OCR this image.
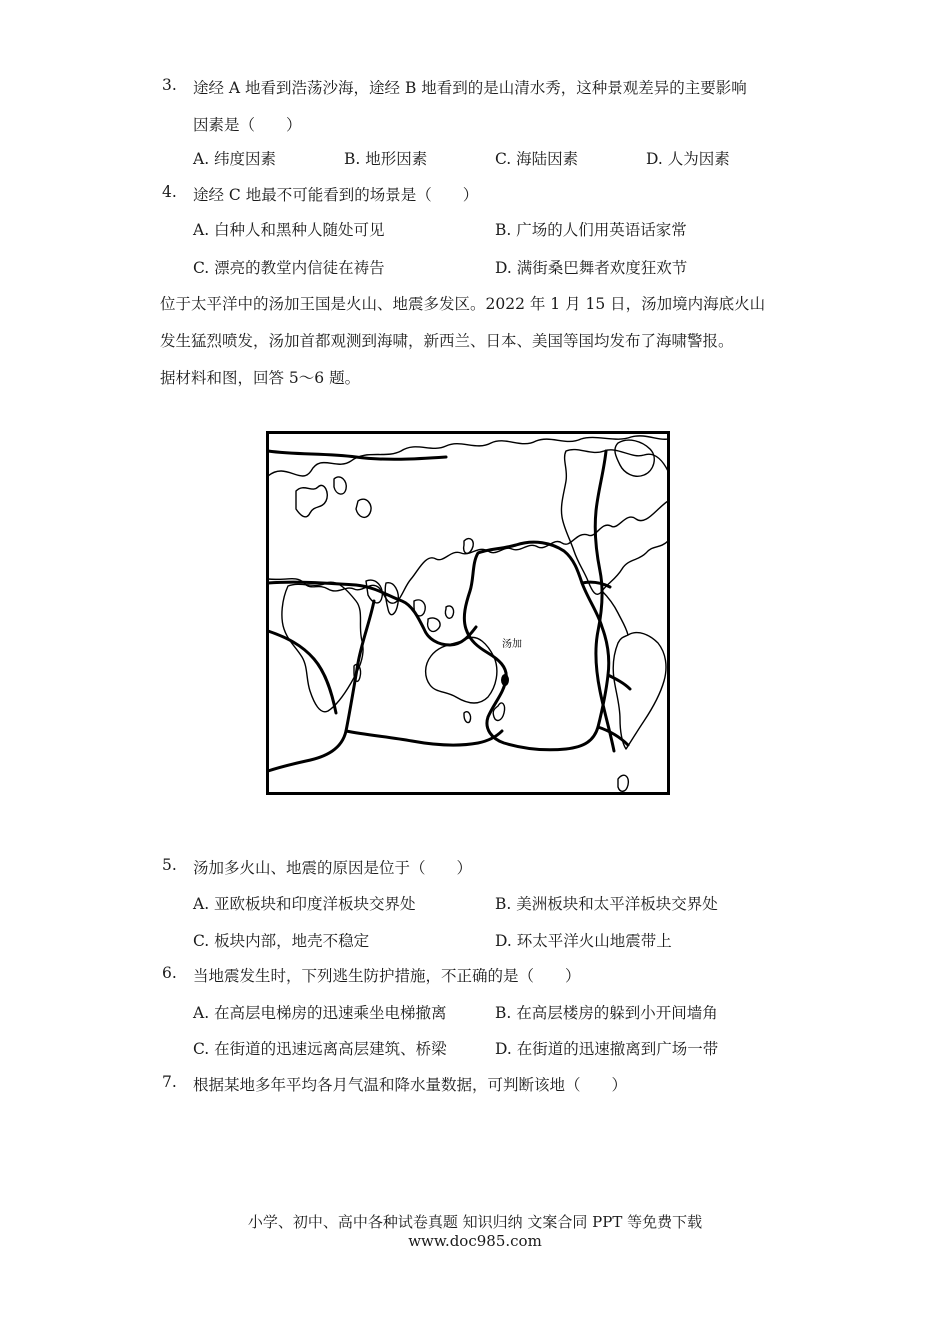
3. 途经 A 地看到浩荡沙海，途经 B 地看到的是山清水秀，这种景观差异的主要影响
因素是（　　）
A. 纬度因素	B. 地形因素	C. 海陆因素	D. 人为因素
4. 途经 C 地最不可能看到的场景是（　　）
A. 白种人和黑种人随处可见	B. 广场的人们用英语话家常
C. 漂亮的教堂内信徒在祷告	D. 满街桑巴舞者欢度狂欢节
位于太平洋中的汤加王国是火山、地震多发区。2022 年 1 月 15 日，汤加境内海底火山
发生猛烈喷发，汤加首都观测到海啸，新西兰、日本、美国等国均发布了海啸警报。
据材料和图，回答 5～6 题。
汤加
5. 汤加多火山、地震的原因是位于（　　）
A. 亚欧板块和印度洋板块交界处	B. 美洲板块和太平洋板块交界处
C. 板块内部，地壳不稳定	D. 环太平洋火山地震带上
6. 当地震发生时，下列逃生防护措施，不正确的是（　　）
A. 在高层电梯房的迅速乘坐电梯撤离	B. 在高层楼房的躲到小开间墙角
C. 在街道的迅速远离高层建筑、桥梁	D. 在街道的迅速撤离到广场一带
7. 根据某地多年平均各月气温和降水量数据，可判断该地（　　）
小学、初中、高中各种试卷真题 知识归纳 文案合同 PPT 等免费下载
www.doc985.com
